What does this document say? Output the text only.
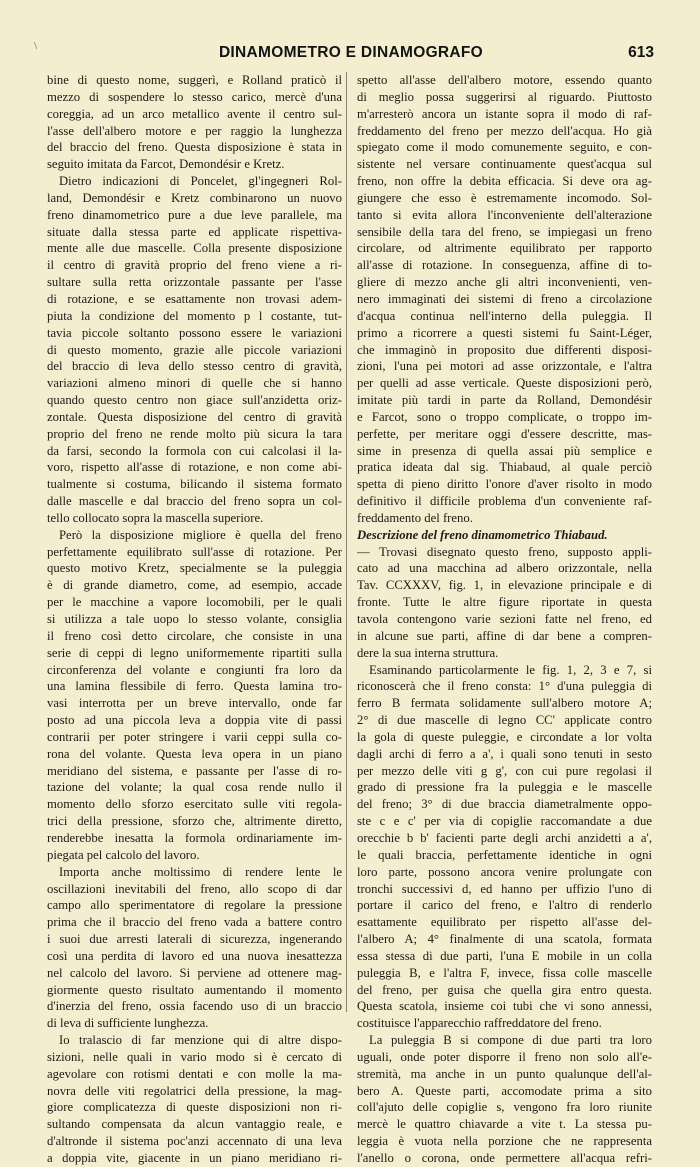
\	DINAMOMETRO E DINAMOGRAFO	613
bine di questo nome, suggerì, e Rolland praticò il
mezzo di sospendere lo stesso carico, mercè d'una
coreggia, ad un arco metallico avente il centro sul-
l'asse dell'albero motore e per raggio la lunghezza
del braccio del freno. Questa disposizione è stata in
seguito imitata da Farcot, Demondésir e Kretz.
Dietro indicazioni di Poncelet, gl'ingegneri Rol-
land, Demondésir e Kretz combinarono un nuovo
freno dinamometrico pure a due leve parallele, ma
situate dalla stessa parte ed applicate rispettiva-
mente alle due mascelle. Colla presente disposizione
il centro di gravità proprio del freno viene a ri-
sultare sulla retta orizzontale passante per l'asse
di rotazione, e se esattamente non trovasi adem-
piuta la condizione del momento p l costante, tut-
tavia piccole soltanto possono essere le variazioni
di questo momento, grazie alle piccole variazioni
del braccio di leva dello stesso centro di gravità,
variazioni almeno minori di quelle che si hanno
quando questo centro non giace sull'anzidetta oriz-
zontale. Questa disposizione del centro di gravità
proprio del freno ne rende molto più sicura la tara
da farsi, secondo la formola con cui calcolasi il la-
voro, rispetto all'asse di rotazione, e non come abi-
tualmente si costuma, bilicando il sistema formato
dalle mascelle e dal braccio del freno sopra un col-
tello collocato sopra la mascella superiore.
Però la disposizione migliore è quella del freno
perfettamente equilibrato sull'asse di rotazione. Per
questo motivo Kretz, specialmente se la puleggia
è di grande diametro, come, ad esempio, accade
per le macchine a vapore locomobili, per le quali
si utilizza a tale uopo lo stesso volante, consiglia
il freno così detto circolare, che consiste in una
serie di ceppi di legno uniformemente ripartiti sulla
circonferenza del volante e congiunti fra loro da
una lamina flessibile di ferro. Questa lamina tro-
vasi interrotta per un breve intervallo, onde far
posto ad una piccola leva a doppia vite di passi
contrarii per poter stringere i varii ceppi sulla co-
rona del volante. Questa leva opera in un piano
meridiano del sistema, e passante per l'asse di ro-
tazione del volante; la qual cosa rende nullo il
momento dello sforzo esercitato sulle viti regola-
trici della pressione, sforzo che, altrimente diretto,
renderebbe inesatta la formola ordinariamente im-
piegata pel calcolo del lavoro.
Importa anche moltissimo di rendere lente le
oscillazioni inevitabili del freno, allo scopo di dar
campo allo sperimentatore di regolare la pressione
prima che il braccio del freno vada a battere contro
i suoi due arresti laterali di sicurezza, ingenerando
così una perdita di lavoro ed una nuova inesattezza
nel calcolo del lavoro. Si perviene ad ottenere mag-
giormente questo risultato aumentando il momento
d'inerzia del freno, ossia facendo uso di un braccio
di leva di sufficiente lunghezza.
Io tralascio di far menzione qui di altre dispo-
sizioni, nelle quali in vario modo si è cercato di
agevolare con rotismi dentati e con molle la ma-
novra delle viti regolatrici della pressione, la mag-
giore complicatezza di queste disposizioni non ri-
sultando compensata da alcun vantaggio reale, e
d'altronde il sistema poc'anzi accennato di una leva
a doppia vite, giacente in un piano meridiano ri-
spetto all'asse dell'albero motore, essendo quanto
di meglio possa suggerirsi al riguardo. Piuttosto
m'arresterò ancora un istante sopra il modo di raf-
freddamento del freno per mezzo dell'acqua. Ho già
spiegato come il modo comunemente seguito, e con-
sistente nel versare continuamente quest'acqua sul
freno, non offre la debita efficacia. Si deve ora ag-
giungere che esso è estremamente incomodo. Sol-
tanto si evita allora l'inconveniente dell'alterazione
sensibile della tara del freno, se impiegasi un freno
circolare, od altrimente equilibrato per rapporto
all'asse di rotazione. In conseguenza, affine di to-
gliere di mezzo anche gli altri inconvenienti, ven-
nero immaginati dei sistemi di freno a circolazione
d'acqua continua nell'interno della puleggia. Il
primo a ricorrere a questi sistemi fu Saint-Léger,
che immaginò in proposito due differenti disposi-
zioni, l'una pei motori ad asse orizzontale, e l'altra
per quelli ad asse verticale. Queste disposizioni però,
imitate più tardi in parte da Rolland, Demondésir
e Farcot, sono o troppo complicate, o troppo im-
perfette, per meritare oggi d'essere descritte, mas-
sime in presenza di quella assai più semplice e
pratica ideata dal sig. Thiabaud, al quale perciò
spetta di pieno diritto l'onore d'aver risolto in modo
definitivo il difficile problema d'un conveniente raf-
freddamento del freno.
Descrizione del freno dinamometrico Thiabaud.
— Trovasi disegnato questo freno, supposto appli-
cato ad una macchina ad albero orizzontale, nella
Tav. CCXXXV, fig. 1, in elevazione principale e di
fronte. Tutte le altre figure riportate in questa
tavola contengono varie sezioni fatte nel freno, ed
in alcune sue parti, affine di dar bene a compren-
dere la sua interna struttura.
Esaminando particolarmente le fig. 1, 2, 3 e 7, si
riconoscerà che il freno consta: 1° d'una puleggia di
ferro B fermata solidamente sull'albero motore A;
2° di due mascelle di legno CC' applicate contro
la gola di queste puleggie, e circondate a lor volta
dagli archi di ferro a a', i quali sono tenuti in sesto
per mezzo delle viti g g', con cui pure regolasi il
grado di pressione fra la puleggia e le mascelle
del freno; 3° di due braccia diametralmente oppo-
ste c e c' per via di copiglie raccomandate a due
orecchie b b' facienti parte degli archi anzidetti a a',
le quali braccia, perfettamente identiche in ogni
loro parte, possono ancora venire prolungate con
tronchi successivi d, ed hanno per uffizio l'uno di
portare il carico del freno, e l'altro di renderlo
esattamente equilibrato per rispetto all'asse del-
l'albero A; 4° finalmente di una scatola, formata
essa stessa di due parti, l'una E mobile in un colla
puleggia B, e l'altra F, invece, fissa colle mascelle
del freno, per guisa che quella gira entro questa.
Questa scatola, insieme coi tubi che vi sono annessi,
costituisce l'apparecchio raffreddatore del freno.
La puleggia B si compone di due parti tra loro
uguali, onde poter disporre il freno non solo all'e-
stremità, ma anche in un punto qualunque dell'al-
bero A. Queste parti, accomodate prima a sito
coll'ajuto delle copiglie s, vengono fra loro riunite
mercè le quattro chiavarde a vite t. La stessa pu-
leggia è vuota nella porzione che ne rappresenta
l'anello o corona, onde permettere all'acqua refri-
